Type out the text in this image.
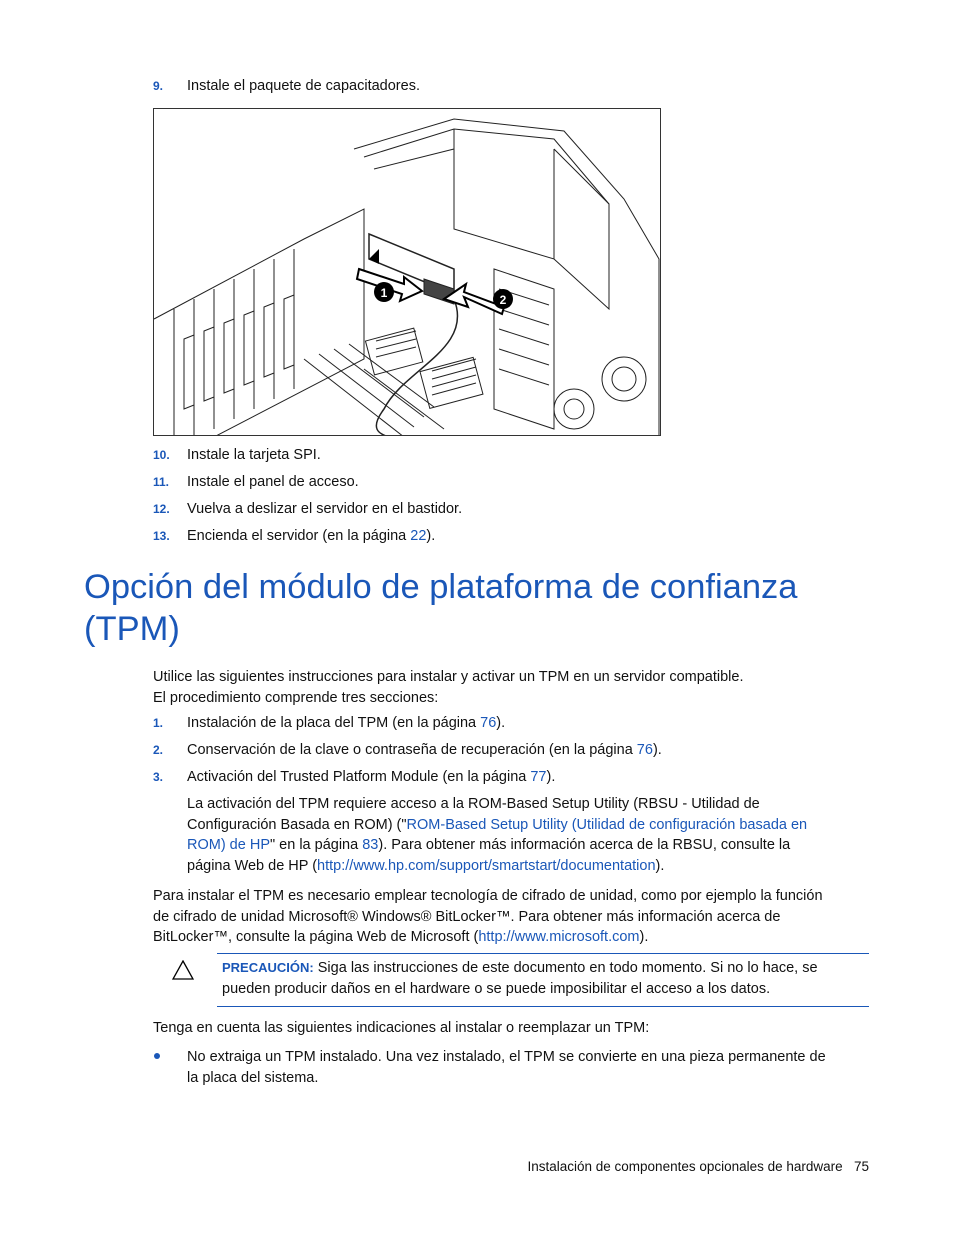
9. Instale el paquete de capacitadores.
1	2
10. Instale la tarjeta SPI.
11. Instale el panel de acceso.
12. Vuelva a deslizar el servidor en el bastidor.
13. Encienda el servidor (en la página 22).
Opción del módulo de plataforma de confianza
(TPM)
Utilice las siguientes instrucciones para instalar y activar un TPM en un servidor compatible.
El procedimiento comprende tres secciones:
1. Instalación de la placa del TPM (en la página 76).
2. Conservación de la clave o contraseña de recuperación (en la página 76).
3. Activación del Trusted Platform Module (en la página 77).
La activación del TPM requiere acceso a la ROM-Based Setup Utility (RBSU - Utilidad de
Configuración Basada en ROM) ("ROM-Based Setup Utility (Utilidad de configuración basada en
ROM) de HP" en la página 83). Para obtener más información acerca de la RBSU, consulte la
página Web de HP (http://www.hp.com/support/smartstart/documentation).
Para instalar el TPM es necesario emplear tecnología de cifrado de unidad, como por ejemplo la función
de cifrado de unidad Microsoft® Windows® BitLocker™. Para obtener más información acerca de
BitLocker™, consulte la página Web de Microsoft (http://www.microsoft.com).
PRECAUCIÓN: Siga las instrucciones de este documento en todo momento. Si no lo hace, se
pueden producir daños en el hardware o se puede imposibilitar el acceso a los datos.
Tenga en cuenta las siguientes indicaciones al instalar o reemplazar un TPM:
No extraiga un TPM instalado. Una vez instalado, el TPM se convierte en una pieza permanente de
la placa del sistema.
Instalación de componentes opcionales de hardware 75
